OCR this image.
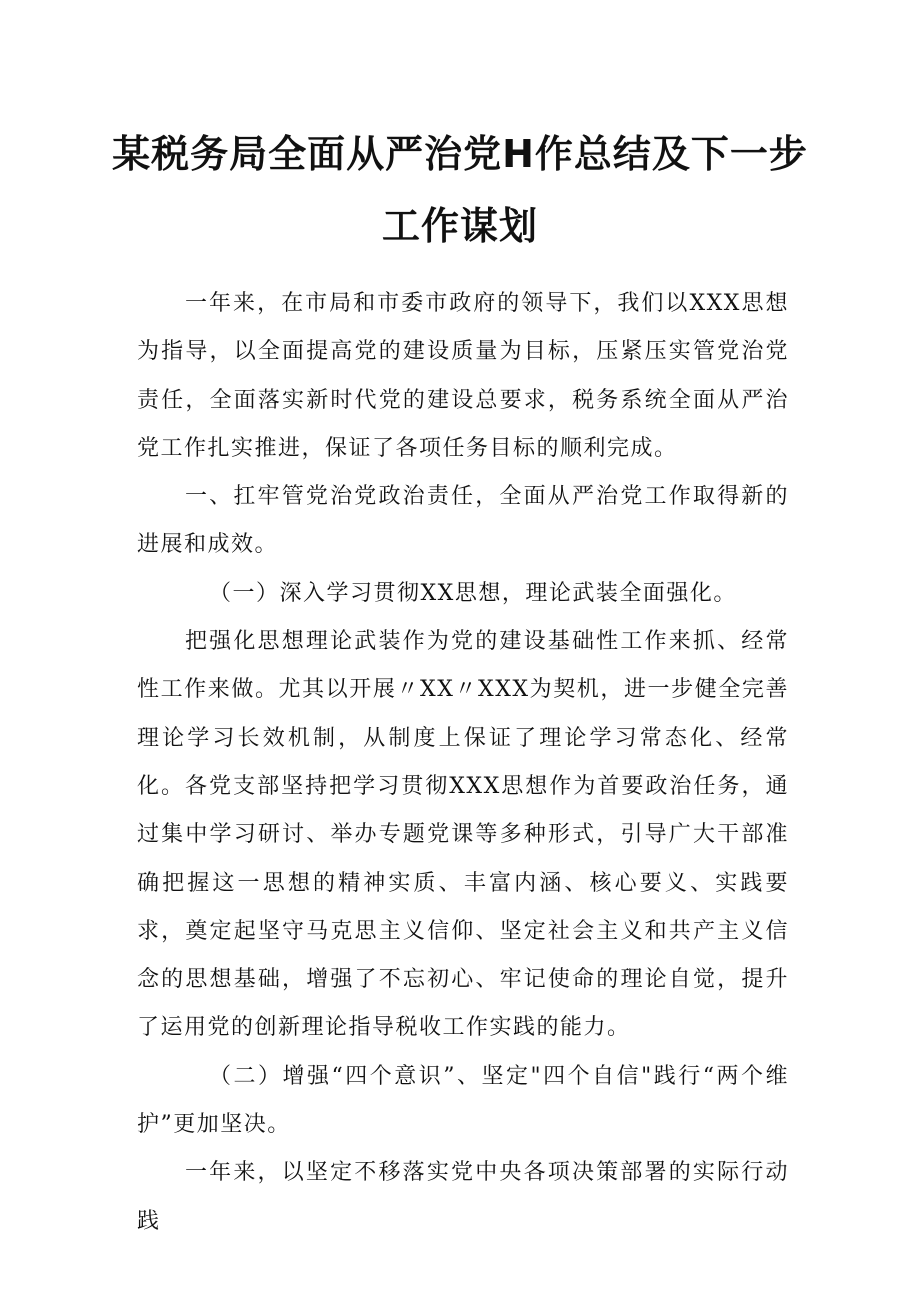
某税务局全面从严治党H作总结及下一步
工作谋划

一年来，在市局和市委市政府的领导下，我们以XXX思想为指导，以全面提高党的建设质量为目标，压紧压实管党治党责任，全面落实新时代党的建设总要求，税务系统全面从严治党工作扎实推进，保证了各项任务目标的顺利完成。

一、扛牢管党治党政治责任，全面从严治党工作取得新的进展和成效。

（一）深入学习贯彻XX思想，理论武装全面强化。

把强化思想理论武装作为党的建设基础性工作来抓、经常性工作来做。尤其以开展〃XX〃XXX为契机，进一步健全完善理论学习长效机制，从制度上保证了理论学习常态化、经常化。各党支部坚持把学习贯彻XXX思想作为首要政治任务，通过集中学习研讨、举办专题党课等多种形式，引导广大干部准确把握这一思想的精神实质、丰富内涵、核心要义、实践要求，奠定起坚守马克思主义信仰、坚定社会主义和共产主义信念的思想基础，增强了不忘初心、牢记使命的理论自觉，提升了运用党的创新理论指导税收工作实践的能力。

（二）增强“四个意识”、坚定"四个自信"践行“两个维护”更加坚决。

一年来，以坚定不移落实党中央各项决策部署的实际行动践
